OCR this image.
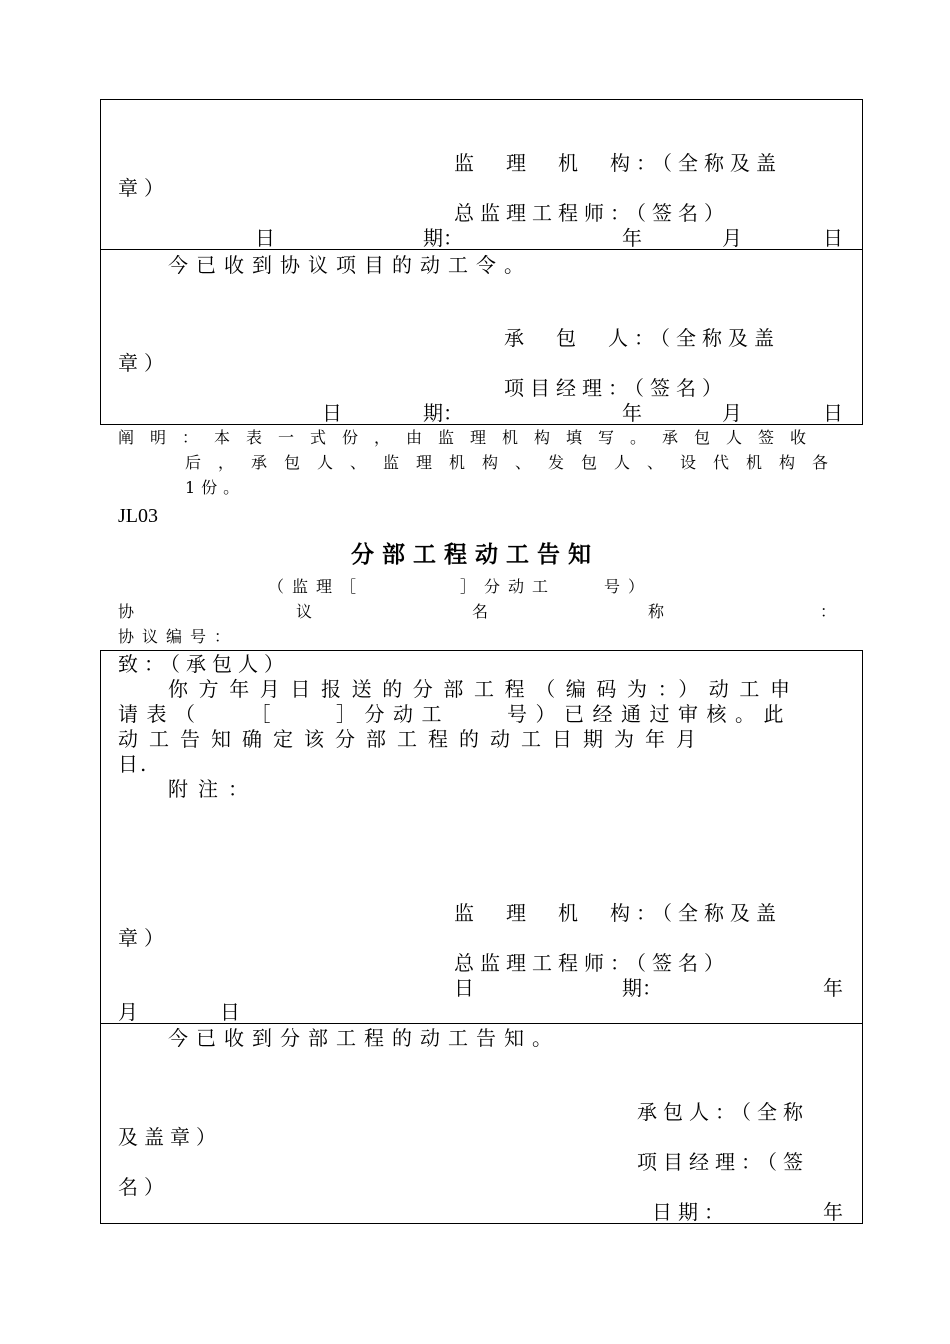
监　理　机　构：（全称及盖
章）
总监理工程师：（签名）
日	期：	年	月	日
今已收到协议项目的动工令。
承　包　人：（全称及盖
章）
项目经理：（签名）
日	期：	年	月	日
阐明：本表一式份，由监理机构填写。承包人签收
后，承包人、监理机构、发包人、设代机构各
1份。
JL03
分部工程动工告知
（监理［　　　　］分动工　　号）
协	议	名	称	：
协议编号：
致：（承包人）
你方年月日报送的分部工程（编码为：）动工申
请表（　　［　　］分动工　　号）已经通过审核。此
动工告知确定该分部工程的动工日期为年月
日.
附注：
监　理　机　构：（全称及盖
章）
总监理工程师：（签名）
日	期：	年
月	日
今已收到分部工程的动工告知。
承包人：（全称
及盖章）
项目经理：（签
名）
日期：	年
